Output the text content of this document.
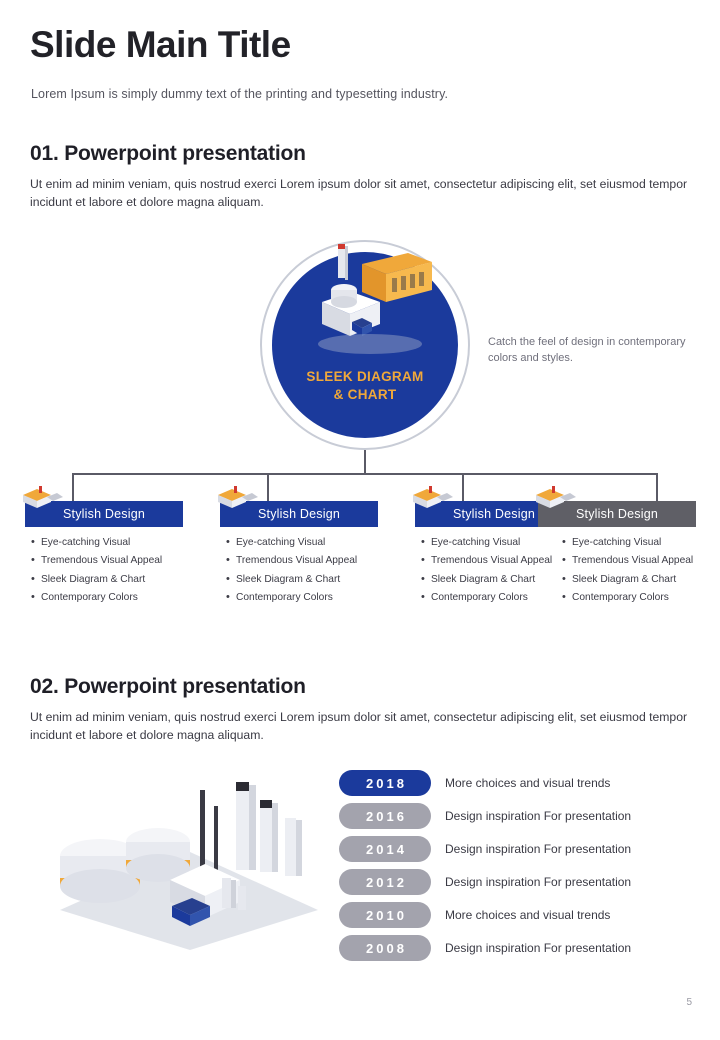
Slide Main Title
Lorem Ipsum is simply dummy text of the printing and typesetting industry.
01. Powerpoint presentation
Ut enim ad minim veniam, quis nostrud exerci Lorem ipsum dolor sit amet, consectetur adipiscing elit, set eiusmod tempor incidunt et labore et dolore magna aliquam.
SLEEK DIAGRAM
& CHART
Catch the feel of design in contemporary colors and styles.
Stylish Design
• Eye-catching Visual
• Tremendous Visual Appeal
• Sleek Diagram & Chart
• Contemporary Colors
Stylish Design
• Eye-catching Visual
• Tremendous Visual Appeal
• Sleek Diagram & Chart
• Contemporary Colors
Stylish Design
• Eye-catching Visual
• Tremendous Visual Appeal
• Sleek Diagram & Chart
• Contemporary Colors
Stylish Design
• Eye-catching Visual
• Tremendous Visual Appeal
• Sleek Diagram & Chart
• Contemporary Colors
02. Powerpoint presentation
Ut enim ad minim veniam, quis nostrud exerci Lorem ipsum dolor sit amet, consectetur adipiscing elit, set eiusmod tempor incidunt et labore et dolore magna aliquam.
2018	More choices and visual trends
2016	Design inspiration For presentation
2014	Design inspiration For presentation
2012	Design inspiration For presentation
2010	More choices and visual trends
2008	Design inspiration For presentation
5
